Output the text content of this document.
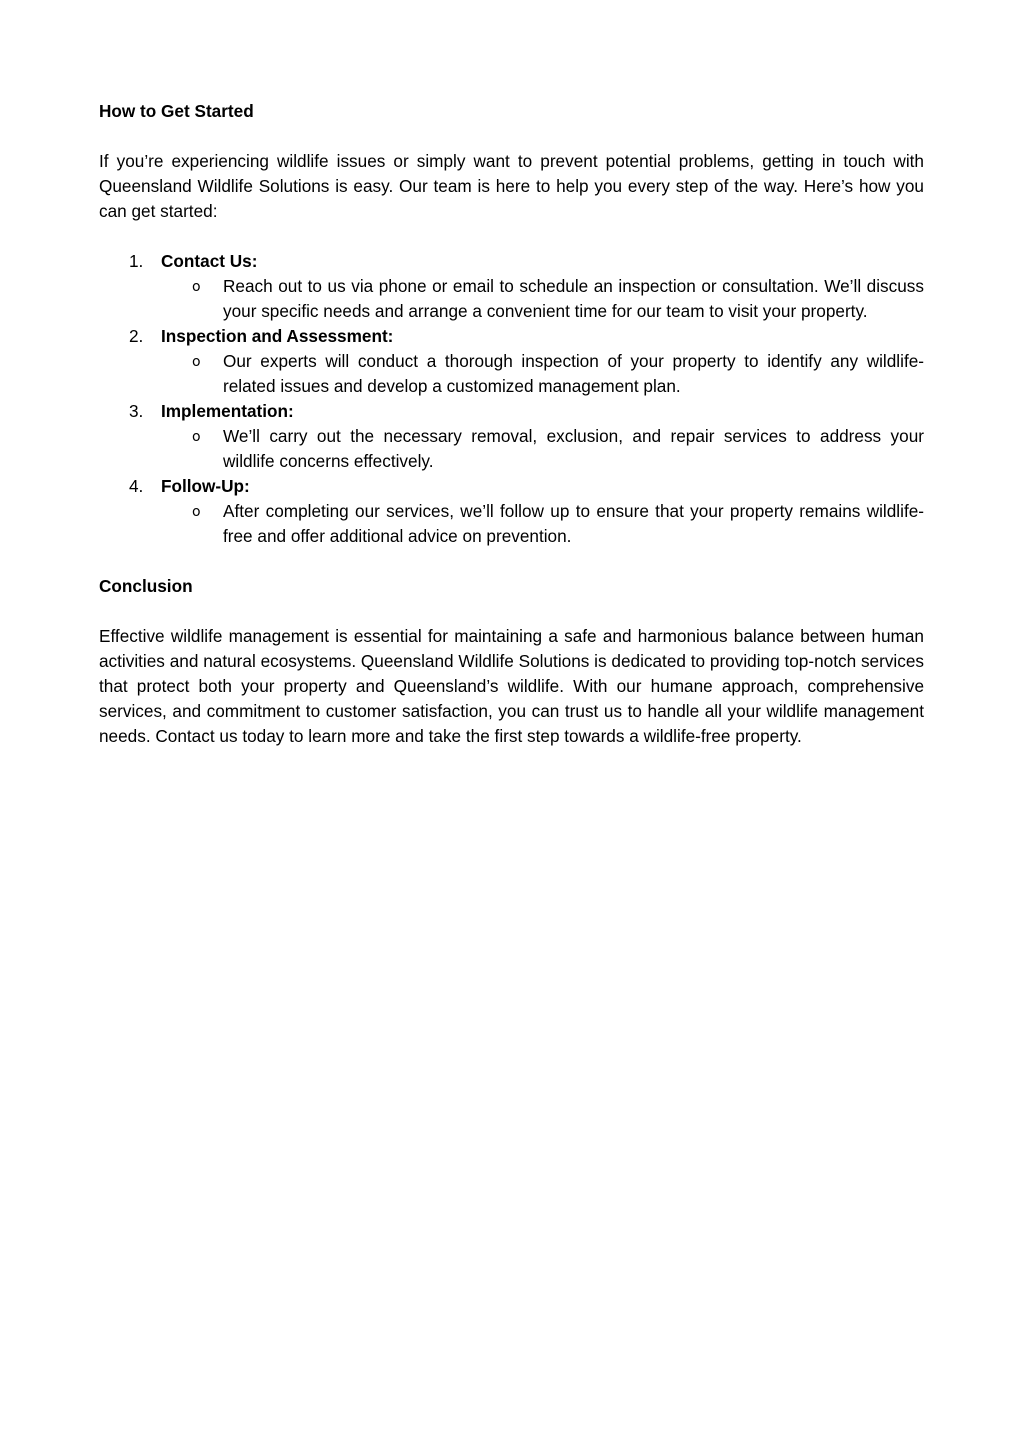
How to Get Started

If you’re experiencing wildlife issues or simply want to prevent potential problems, getting in touch with Queensland Wildlife Solutions is easy. Our team is here to help you every step of the way. Here’s how you can get started:

1.	Contact Us:
o Reach out to us via phone or email to schedule an inspection or consultation. We’ll discuss your specific needs and arrange a convenient time for our team to visit your property.
2.	Inspection and Assessment:
o Our experts will conduct a thorough inspection of your property to identify any wildlife-related issues and develop a customized management plan.
3.	Implementation:
o We’ll carry out the necessary removal, exclusion, and repair services to address your wildlife concerns effectively.
4.	Follow-Up:
o After completing our services, we’ll follow up to ensure that your property remains wildlife-free and offer additional advice on prevention.

Conclusion

Effective wildlife management is essential for maintaining a safe and harmonious balance between human activities and natural ecosystems. Queensland Wildlife Solutions is dedicated to providing top-notch services that protect both your property and Queensland’s wildlife. With our humane approach, comprehensive services, and commitment to customer satisfaction, you can trust us to handle all your wildlife management needs. Contact us today to learn more and take the first step towards a wildlife-free property.
